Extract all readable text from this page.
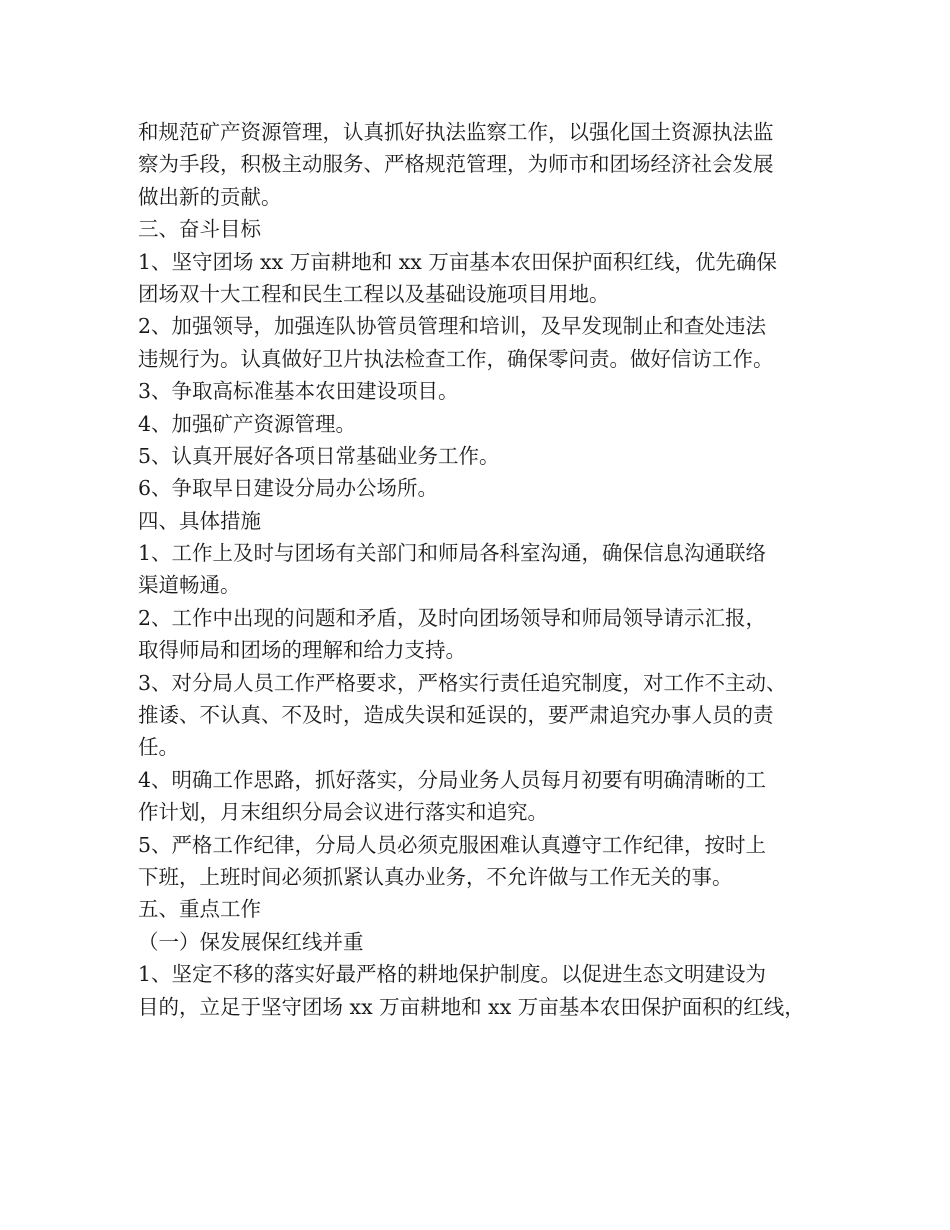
和规范矿产资源管理，认真抓好执法监察工作，以强化国土资源执法监
察为手段，积极主动服务、严格规范管理，为师市和团场经济社会发展
做出新的贡献。
三、奋斗目标
1、坚守团场 xx 万亩耕地和 xx 万亩基本农田保护面积红线，优先确保
团场双十大工程和民生工程以及基础设施项目用地。
2、加强领导，加强连队协管员管理和培训，及早发现制止和查处违法
违规行为。认真做好卫片执法检查工作，确保零问责。做好信访工作。
3、争取高标准基本农田建设项目。
4、加强矿产资源管理。
5、认真开展好各项日常基础业务工作。
6、争取早日建设分局办公场所。
四、具体措施
1、工作上及时与团场有关部门和师局各科室沟通，确保信息沟通联络
渠道畅通。
2、工作中出现的问题和矛盾，及时向团场领导和师局领导请示汇报，
取得师局和团场的理解和给力支持。
3、对分局人员工作严格要求，严格实行责任追究制度，对工作不主动、
推诿、不认真、不及时，造成失误和延误的，要严肃追究办事人员的责
任。
4、明确工作思路，抓好落实，分局业务人员每月初要有明确清晰的工
作计划，月末组织分局会议进行落实和追究。
5、严格工作纪律，分局人员必须克服困难认真遵守工作纪律，按时上
下班，上班时间必须抓紧认真办业务，不允许做与工作无关的事。
五、重点工作
（一）保发展保红线并重
1、坚定不移的落实好最严格的耕地保护制度。以促进生态文明建设为
目的，立足于坚守团场 xx 万亩耕地和 xx 万亩基本农田保护面积的红线，
